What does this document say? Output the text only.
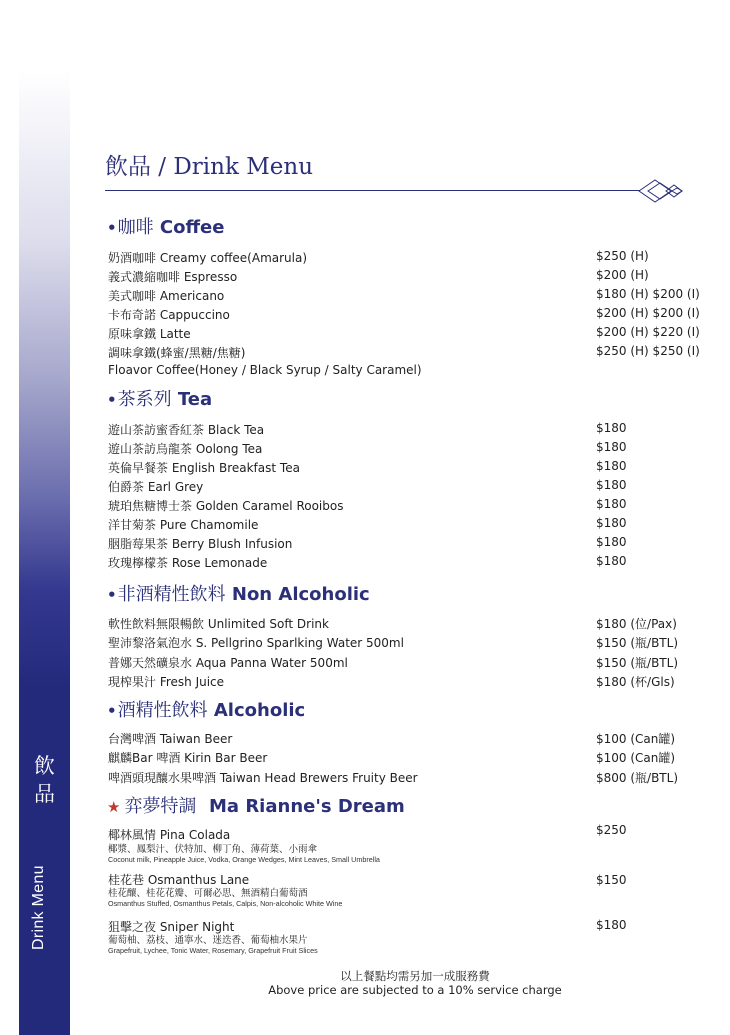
飲
品
Drink Menu
飲品 / Drink Menu
•咖啡 Coffee
奶酒咖啡 Creamy coffee(Amarula)	$250 (H)
義式濃縮咖啡 Espresso	$200 (H)
美式咖啡 Americano	$180 (H) $200 (I)
卡布奇諾 Cappuccino	$200 (H) $200 (I)
原味拿鐵 Latte	$200 (H) $220 (I)
調味拿鐵(蜂蜜/黑糖/焦糖)	$250 (H) $250 (I)
Floavor Coffee(Honey / Black Syrup / Salty Caramel)
•茶系列 Tea
遊山茶訪蜜香紅茶 Black Tea	$180
遊山茶訪烏龍茶 Oolong Tea	$180
英倫早餐茶 English Breakfast Tea	$180
伯爵茶 Earl Grey	$180
琥珀焦糖博士茶 Golden Caramel Rooibos	$180
洋甘菊茶 Pure Chamomile	$180
胭脂莓果茶 Berry Blush Infusion	$180
玫瑰檸檬茶 Rose Lemonade	$180
•非酒精性飲料 Non Alcoholic
軟性飲料無限暢飲 Unlimited Soft Drink	$180 (位/Pax)
聖沛黎洛氣泡水 S. Pellgrino Sparlking Water 500ml	$150 (瓶/BTL)
普娜天然礦泉水 Aqua Panna Water 500ml	$150 (瓶/BTL)
現榨果汁 Fresh Juice	$180 (杯/Gls)
•酒精性飲料 Alcoholic
台灣啤酒 Taiwan Beer	$100 (Can罐)
麒麟Bar 啤酒 Kirin Bar Beer	$100 (Can罐)
啤酒頭現釀水果啤酒 Taiwan Head Brewers Fruity Beer	$800 (瓶/BTL)
★ 弈夢特調 Ma Rianne's Dream
椰林風情 Pina Colada	$250
椰漿、鳳梨汁、伏特加、柳丁角、薄荷葉、小雨傘
Coconut milk, Pineapple Juice, Vodka, Orange Wedges, Mint Leaves, Small Umbrella
桂花巷 Osmanthus Lane	$150
桂花釀、桂花花瓣、可爾必思、無酒精白葡萄酒
Osmanthus Stuffed, Osmanthus Petals, Calpis, Non-alcoholic White Wine
狙擊之夜 Sniper Night	$180
葡萄柚、荔枝、通寧水、迷迭香、葡萄柚水果片
Grapefruit, Lychee, Tonic Water, Rosemary, Grapefruit Fruit Slices
以上餐點均需另加一成服務費
Above price are subjected to a 10% service charge
